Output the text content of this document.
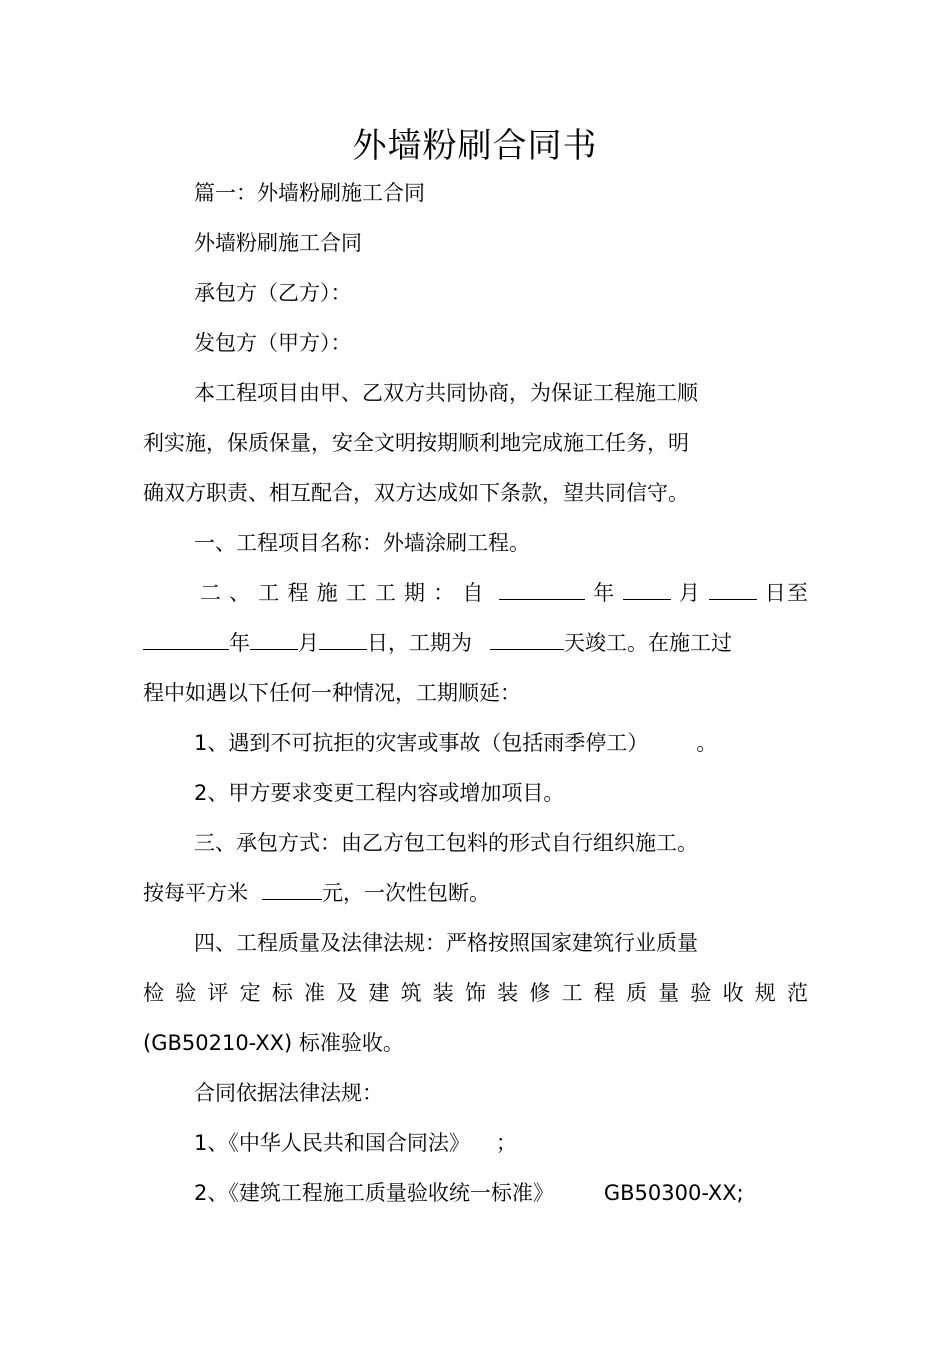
外墙粉刷合同书
篇一：外墙粉刷施工合同
外墙粉刷施工合同
承包方（乙方）：
发包方（甲方）：
本工程项目由甲、乙双方共同协商，为保证工程施工顺
利实施，保质保量，安全文明按期顺利地完成施工任务，明
确双方职责、相互配合，双方达成如下条款，望共同信守。
一、工程项目名称：外墙涂刷工程。
二、工程施工工期：自	年	月	日至
年 月 日，工期为	天竣工。在施工过
程中如遇以下任何一种情况，工期顺延：
1、遇到不可抗拒的灾害或事故（包括雨季停工） 。
2、甲方要求变更工程内容或增加项目。
三、承包方式：由乙方包工包料的形式自行组织施工。
按每平方米	元，一次性包断。
四、工程质量及法律法规：严格按照国家建筑行业质量
检验评定标准及建筑装饰装修工程质量验收规范
(GB50210-XX) 标准验收。
合同依据法律法规：
1、《中华人民共和国合同法》 ；
2、《建筑工程施工质量验收统一标准》 GB50300-XX;
